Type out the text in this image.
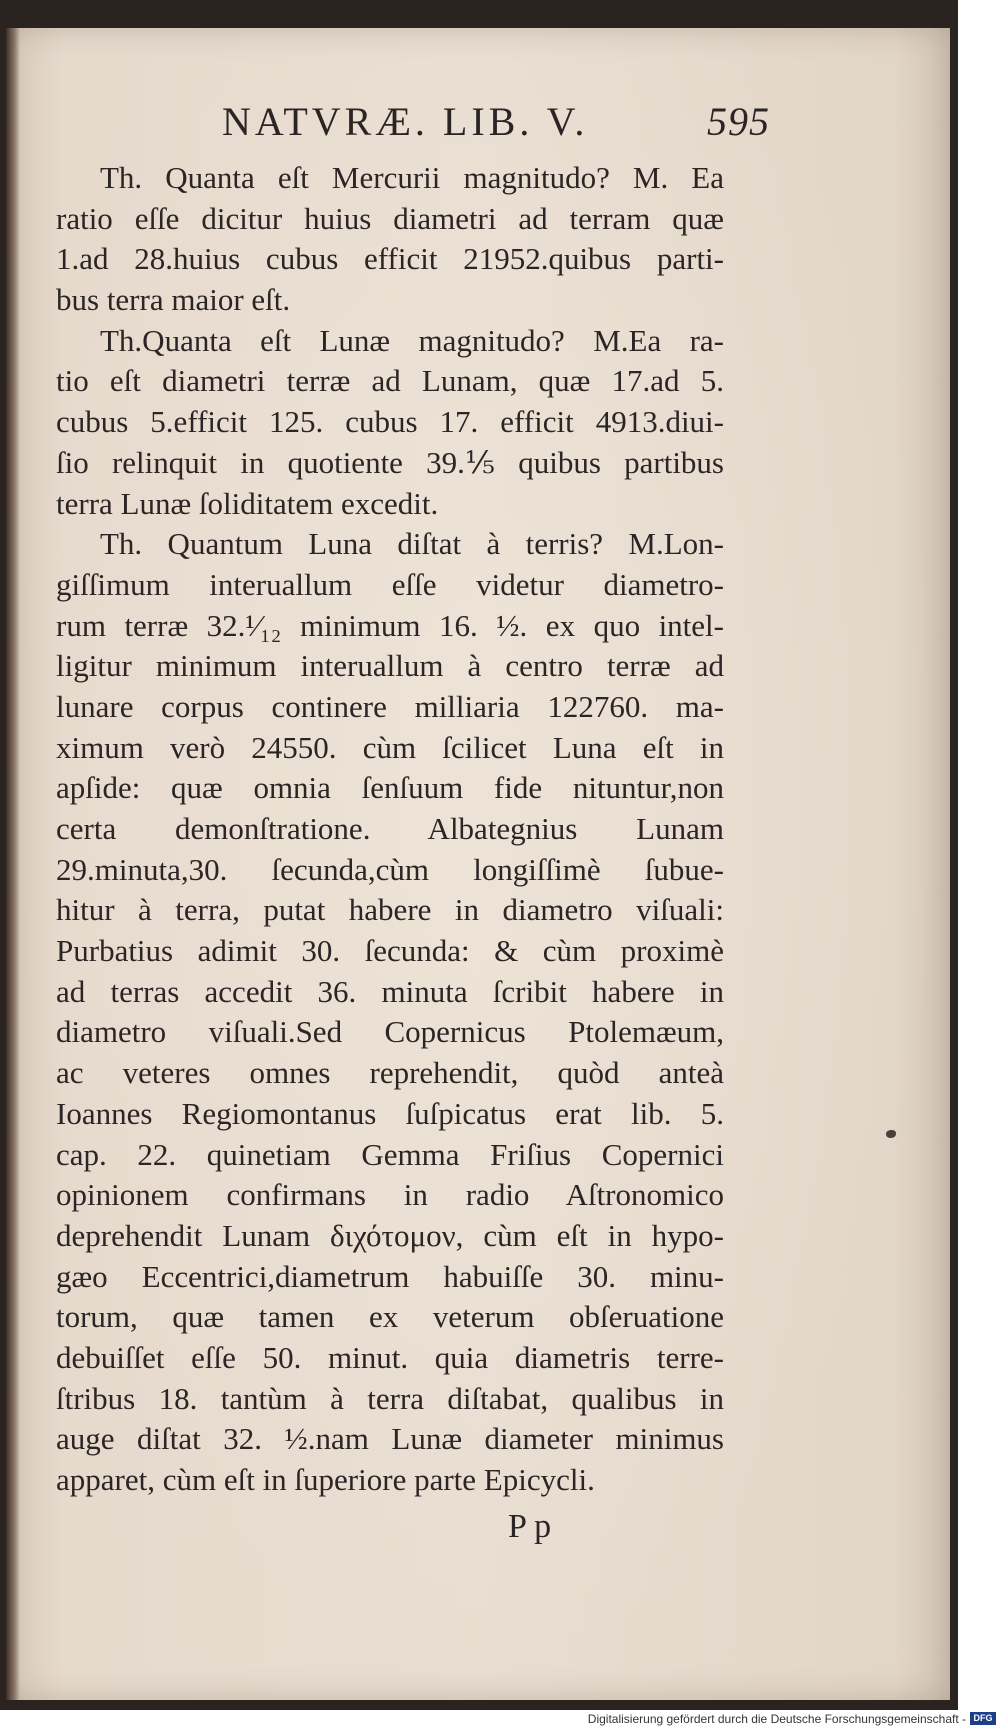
NATVRÆ. LIB. V.	595
Th. Quanta eſt Mercurii magnitudo? M. Ea
ratio eſſe dicitur huius diametri ad terram quæ
1.ad 28.huius cubus efficit 21952.quibus parti-
bus terra maior eſt.
Th.Quanta eſt Lunæ magnitudo? M.Ea ra-
tio eſt diametri terræ ad Lunam, quæ 17.ad 5.
cubus 5.efficit 125. cubus 17. efficit 4913.diui-
ſio relinquit in quotiente 39.⅕ quibus partibus
terra Lunæ ſoliditatem excedit.
Th. Quantum Luna diſtat à terris? M.Lon-
giſſimum interuallum eſſe videtur diametro-
rum terræ 32.¹⁄₁₂ minimum 16. ½. ex quo intel-
ligitur minimum interuallum à centro terræ ad
lunare corpus continere milliaria 122760. ma-
ximum verò 24550. cùm ſcilicet Luna eſt in
apſide: quæ omnia ſenſuum fide nituntur,non
certa demonſtratione. Albategnius Lunam
29.minuta,30. ſecunda,cùm longiſſimè ſubue-
hitur à terra, putat habere in diametro viſuali:
Purbatius adimit 30. ſecunda: & cùm proximè
ad terras accedit 36. minuta ſcribit habere in
diametro viſuali.Sed Copernicus Ptolemæum,
ac veteres omnes reprehendit, quòd anteà
Ioannes Regiomontanus ſuſpicatus erat lib. 5.
cap. 22. quinetiam Gemma Friſius Copernici
opinionem confirmans in radio Aſtronomico
deprehendit Lunam διχότομον, cùm eſt in hypo-
gæo Eccentrici,diametrum habuiſſe 30. minu-
torum, quæ tamen ex veterum obſeruatione
debuiſſet eſſe 50. minut. quia diametris terre-
ſtribus 18. tantùm à terra diſtabat, qualibus in
auge diſtat 32. ½.nam Lunæ diameter minimus
apparet, cùm eſt in ſuperiore parte Epicycli.
P p
Digitalisierung gefördert durch die Deutsche Forschungsgemeinschaft - DFG
